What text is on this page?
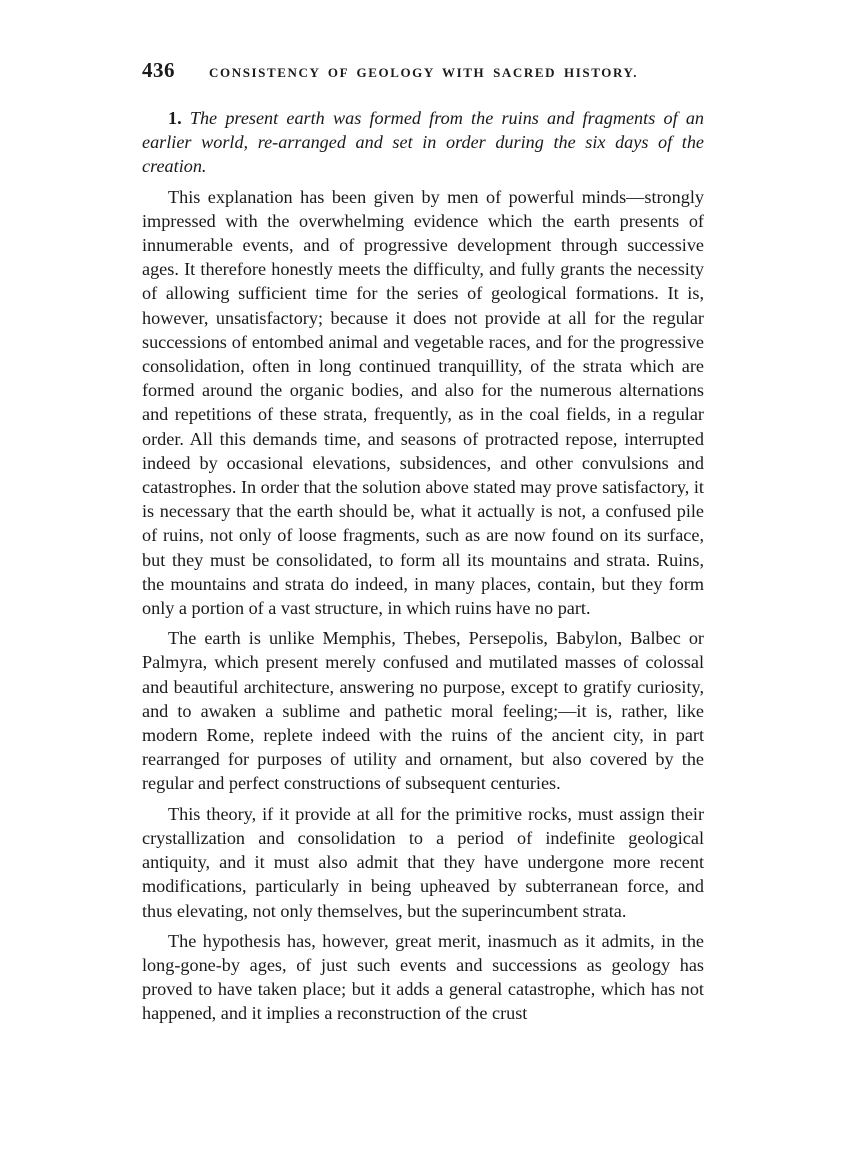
436	CONSISTENCY OF GEOLOGY WITH SACRED HISTORY.

1. The present earth was formed from the ruins and fragments of an earlier world, re-arranged and set in order during the six days of the creation.

This explanation has been given by men of powerful minds—strongly impressed with the overwhelming evidence which the earth presents of innumerable events, and of progressive development through successive ages. It therefore honestly meets the difficulty, and fully grants the necessity of allowing sufficient time for the series of geological formations. It is, however, unsatisfactory; because it does not provide at all for the regular successions of entombed animal and vegetable races, and for the progressive consolidation, often in long continued tranquillity, of the strata which are formed around the organic bodies, and also for the numerous alternations and repetitions of these strata, frequently, as in the coal fields, in a regular order. All this demands time, and seasons of protracted repose, interrupted indeed by occasional elevations, subsidences, and other convulsions and catastrophes. In order that the solution above stated may prove satisfactory, it is necessary that the earth should be, what it actually is not, a confused pile of ruins, not only of loose fragments, such as are now found on its surface, but they must be consolidated, to form all its mountains and strata. Ruins, the mountains and strata do indeed, in many places, contain, but they form only a portion of a vast structure, in which ruins have no part.

The earth is unlike Memphis, Thebes, Persepolis, Babylon, Balbec or Palmyra, which present merely confused and mutilated masses of colossal and beautiful architecture, answering no purpose, except to gratify curiosity, and to awaken a sublime and pathetic moral feeling;—it is, rather, like modern Rome, replete indeed with the ruins of the ancient city, in part rearranged for purposes of utility and ornament, but also covered by the regular and perfect constructions of subsequent centuries.

This theory, if it provide at all for the primitive rocks, must assign their crystallization and consolidation to a period of indefinite geological antiquity, and it must also admit that they have undergone more recent modifications, particularly in being upheaved by subterranean force, and thus elevating, not only themselves, but the superincumbent strata.

The hypothesis has, however, great merit, inasmuch as it admits, in the long-gone-by ages, of just such events and successions as geology has proved to have taken place; but it adds a general catastrophe, which has not happened, and it implies a reconstruction of the crust
